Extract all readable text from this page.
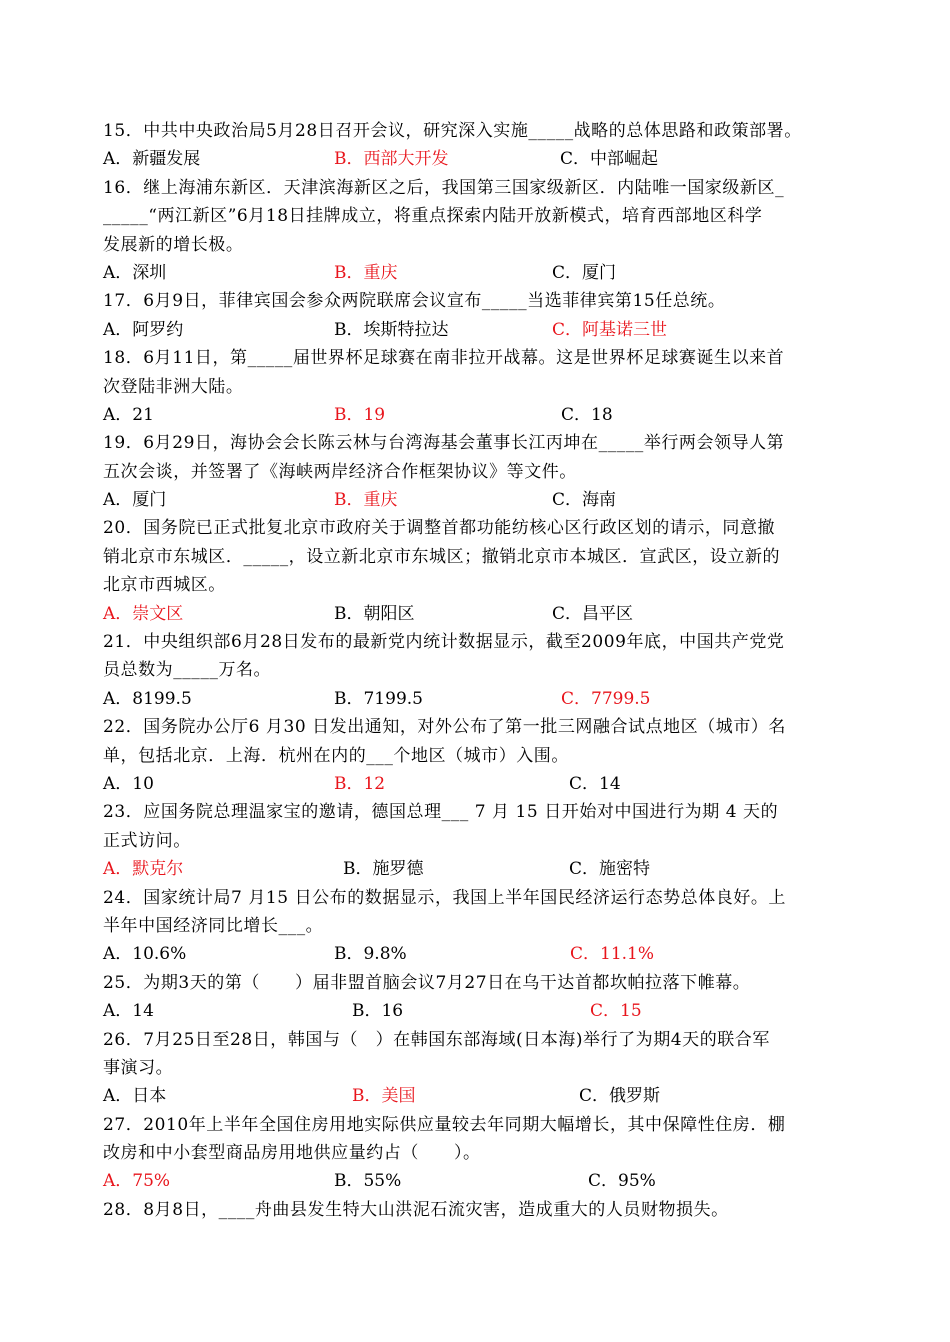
15．中共中央政治局5月28日召开会议，研究深入实施_____战略的总体思路和政策部署。
A．新疆发展	B．西部大开发	C．中部崛起
16．继上海浦东新区．天津滨海新区之后，我国第三国家级新区．内陆唯一国家级新区_
_____“两江新区”6月18日挂牌成立，将重点探索内陆开放新模式，培育西部地区科学
发展新的增长极。
A．深圳	B．重庆	C．厦门
17．6月9日，菲律宾国会参众两院联席会议宣布_____当选菲律宾第15任总统。
A．阿罗约	B．埃斯特拉达	C．阿基诺三世
18．6月11日，第_____届世界杯足球赛在南非拉开战幕。这是世界杯足球赛诞生以来首
次登陆非洲大陆。
A．21	B．19	C．18
19．6月29日，海协会会长陈云林与台湾海基会董事长江丙坤在_____举行两会领导人第
五次会谈，并签署了《海峡两岸经济合作框架协议》等文件。
A．厦门	B．重庆	C．海南
20．国务院已正式批复北京市政府关于调整首都功能纺核心区行政区划的请示，同意撤
销北京市东城区．_____，设立新北京市东城区；撤销北京市本城区．宣武区，设立新的
北京市西城区。
A．崇文区	B．朝阳区	C．昌平区
21．中央组织部6月28日发布的最新党内统计数据显示，截至2009年底，中国共产党党
员总数为_____万名。
A．8199.5	B．7199.5	C．7799.5
22．国务院办公厅6 月30 日发出通知，对外公布了第一批三网融合试点地区（城市）名
单，包括北京．上海．杭州在内的___个地区（城市）入围。
A．10	B．12	C．14
23．应国务院总理温家宝的邀请，德国总理___ 7 月 15 日开始对中国进行为期 4 天的
正式访问。
A．默克尔	B．施罗德	C．施密特
24．国家统计局7 月15 日公布的数据显示，我国上半年国民经济运行态势总体良好。上
半年中国经济同比增长___。
A．10.6%	B．9.8%	C．11.1%
25．为期3天的第（　　）届非盟首脑会议7月27日在乌干达首都坎帕拉落下帷幕。
A．14	B．16	C．15
26．7月25日至28日，韩国与（　）在韩国东部海域(日本海)举行了为期4天的联合军
事演习。
A．日本	B．美国	C．俄罗斯
27．2010年上半年全国住房用地实际供应量较去年同期大幅增长，其中保障性住房．棚
改房和中小套型商品房用地供应量约占（　　）。
A．75%	B．55%	C．95%
28．8月8日，____舟曲县发生特大山洪泥石流灾害，造成重大的人员财物损失。
